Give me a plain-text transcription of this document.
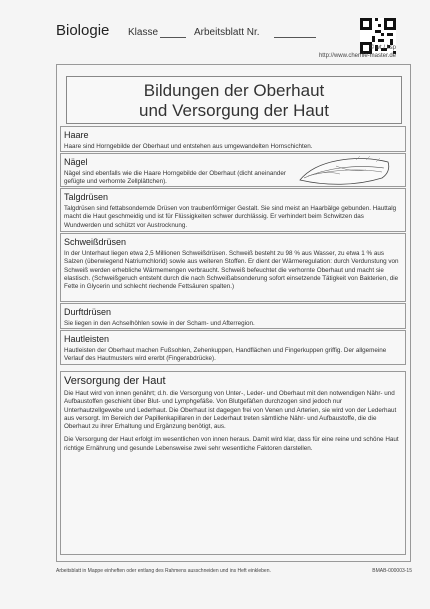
Biologie Klasse	Arbeitsblatt Nr.
© wt / ksp
http://www.chemie-master.de
Bildungen der Oberhaut
und Versorgung der Haut
Haare
Haare sind Horngebilde der Oberhaut und entstehen aus umgewandelten Hornschichten.
Nägel
Nägel sind ebenfalls wie die Haare Horngebilde der Oberhaut (dicht aneinander gefügte und verhornte Zellplättchen).
Talgdrüsen
Talgdrüsen sind fettabsondernde Drüsen von traubenförmiger Gestalt. Sie sind meist an Haarbälge gebunden. Hauttalg macht die Haut geschmeidig und ist für Flüssigkeiten schwer durchlässig. Er verhindert beim Schwitzen das Wundwerden und schützt vor Austrocknung.
Schweißdrüsen
In der Unterhaut liegen etwa 2,5 Millionen Schweißdrüsen. Schweiß besteht zu 98 % aus Wasser, zu etwa 1 % aus Salzen (überwiegend Natriumchlorid) sowie aus weiteren Stoffen. Er dient der Wärmeregulation: durch Verdunstung von Schweiß werden erhebliche Wärmemengen verbraucht. Schweiß befeuchtet die verhornte Oberhaut und macht sie elastisch. (Schweißgeruch entsteht durch die nach Schweißabsonderung sofort einsetzende Tätigkeit von Bakterien, die Fette in Glycerin und schlecht riechende Fettsäuren spalten.)
Durftdrüsen
Sie liegen in den Achselhöhlen sowie in der Scham- und Afterregion.
Hautleisten
Hautleisten der Oberhaut machen Fußsohlen, Zehenkuppen, Handflächen und Fingerkuppen griffig. Der allgemeine Verlauf des Hautmusters wird ererbt (Fingerabdrücke).
Versorgung der Haut
Die Haut wird von innen genährt; d.h. die Versorgung von Unter-, Leder- und Oberhaut mit den notwendigen Nähr- und Aufbaustoffen geschieht über Blut- und Lymphgefäße. Von Blutgefäßen durchzogen sind jedoch nur Unterhautzellgewebe und Lederhaut. Die Oberhaut ist dagegen frei von Venen und Arterien, sie wird von der Lederhaut aus versorgt. Im Bereich der Papillenkapillaren in der Lederhaut treten sämtliche Nähr- und Aufbaustoffe, die die Oberhaut zu ihrer Erhaltung und Ergänzung benötigt, aus.
Die Versorgung der Haut erfolgt im wesentlichen von innen heraus. Damit wird klar, dass für eine reine und schöne Haut richtige Ernährung und gesunde Lebensweise zwei sehr wesentliche Faktoren darstellen.
Arbeitsblatt in Mappe einheften oder entlang des Rahmens ausschneiden und ins Heft einkleben.	BMAB-000003-15
